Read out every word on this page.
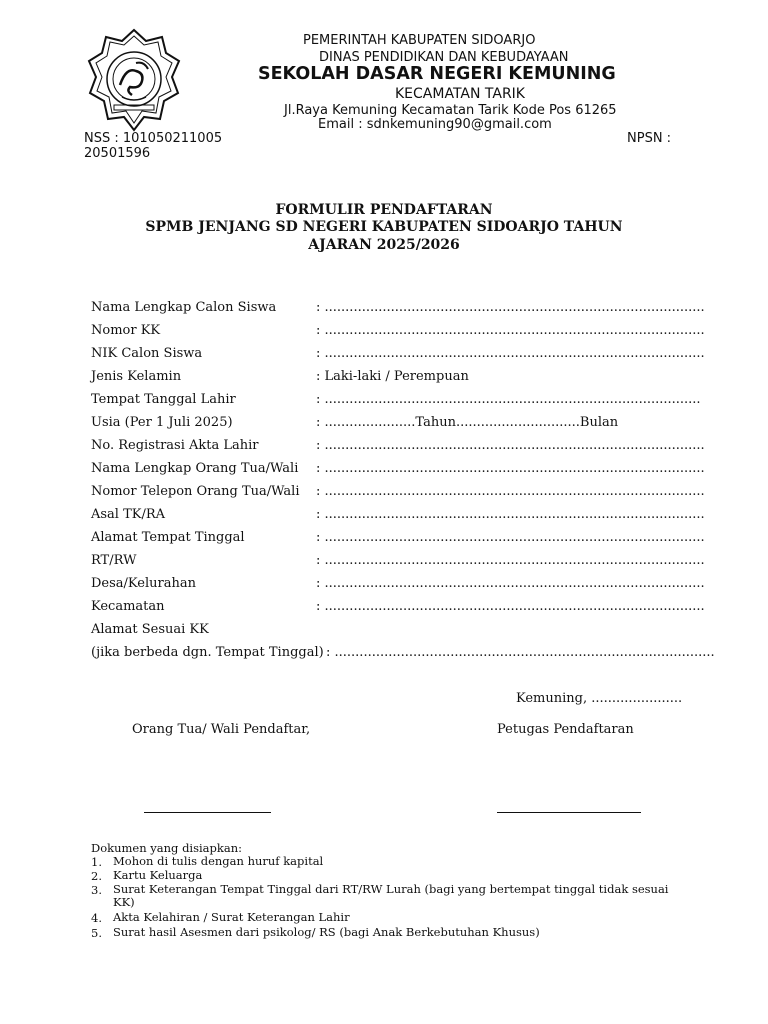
PEMERINTAH KABUPATEN SIDOARJO
DINAS PENDIDIKAN DAN KEBUDAYAAN
SEKOLAH DASAR NEGERI KEMUNING
KECAMATAN TARIK
Jl.Raya Kemuning Kecamatan Tarik Kode Pos 61265
Email : sdnkemuning90@gmail.com
NSS : 101050211005	NPSN :
20501596
FORMULIR PENDAFTARAN
SPMB JENJANG SD NEGERI KABUPATEN SIDOARJO TAHUN
AJARAN 2025/2026
Nama Lengkap Calon Siswa	: ............................................................................................
Nomor KK	: ............................................................................................
NIK Calon Siswa	: ............................................................................................
Jenis Kelamin	: Laki-laki / Perempuan
Tempat Tanggal Lahir	: ...........................................................................................
Usia (Per 1 Juli 2025)	: ......................Tahun..............................Bulan
No. Registrasi Akta Lahir	: ............................................................................................
Nama Lengkap Orang Tua/Wali : ............................................................................................
Nomor Telepon Orang Tua/Wali : ............................................................................................
Asal TK/RA	: ............................................................................................
Alamat Tempat Tinggal	: ............................................................................................
RT/RW	: ............................................................................................
Desa/Kelurahan	: ............................................................................................
Kecamatan	: ............................................................................................
Alamat Sesuai KK
(jika berbeda dgn. Tempat Tinggal) : ............................................................................................
Kemuning, ......................
Orang Tua/ Wali Pendaftar,	Petugas Pendaftaran
Dokumen yang disiapkan:
1. Mohon di tulis dengan huruf kapital
2. Kartu Keluarga
3. Surat Keterangan Tempat Tinggal dari RT/RW Lurah (bagi yang bertempat tinggal tidak sesuai KK)
4. Akta Kelahiran / Surat Keterangan Lahir
5. Surat hasil Asesmen dari psikolog/ RS (bagi Anak Berkebutuhan Khusus)
